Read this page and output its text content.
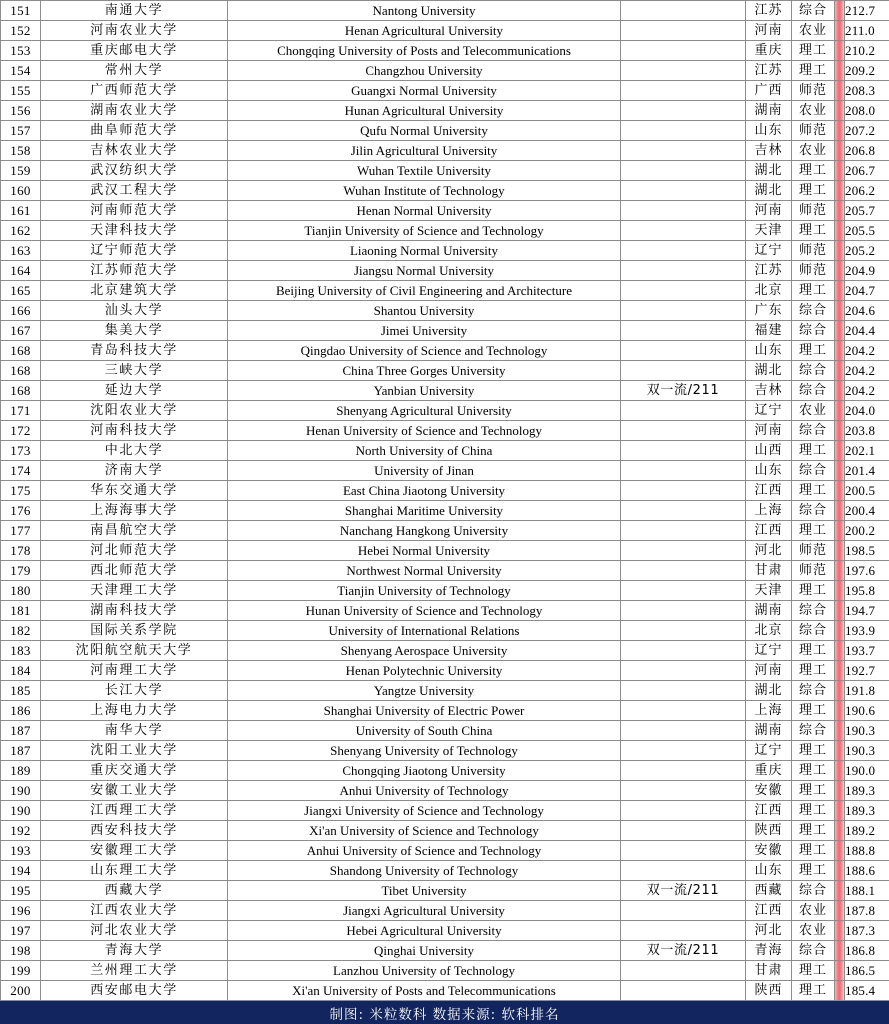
151	南通大学	Nantong University		江苏	综合		212.7
152	河南农业大学	Henan Agricultural University		河南	农业		211.0
153	重庆邮电大学	Chongqing University of Posts and Telecommunications		重庆	理工		210.2
154	常州大学	Changzhou University		江苏	理工		209.2
155	广西师范大学	Guangxi Normal University		广西	师范		208.3
156	湖南农业大学	Hunan Agricultural University		湖南	农业		208.0
157	曲阜师范大学	Qufu Normal University		山东	师范		207.2
158	吉林农业大学	Jilin Agricultural University		吉林	农业		206.8
159	武汉纺织大学	Wuhan Textile University		湖北	理工		206.7
160	武汉工程大学	Wuhan Institute of Technology		湖北	理工		206.2
161	河南师范大学	Henan Normal University		河南	师范		205.7
162	天津科技大学	Tianjin University of Science and Technology		天津	理工		205.5
163	辽宁师范大学	Liaoning Normal University		辽宁	师范		205.2
164	江苏师范大学	Jiangsu Normal University		江苏	师范		204.9
165	北京建筑大学	Beijing University of Civil Engineering and Architecture		北京	理工		204.7
166	汕头大学	Shantou University		广东	综合		204.6
167	集美大学	Jimei University		福建	综合		204.4
168	青岛科技大学	Qingdao University of Science and Technology		山东	理工		204.2
168	三峡大学	China Three Gorges University		湖北	综合		204.2
168	延边大学	Yanbian University	双一流/211	吉林	综合		204.2
171	沈阳农业大学	Shenyang Agricultural University		辽宁	农业		204.0
172	河南科技大学	Henan University of Science and Technology		河南	综合		203.8
173	中北大学	North University of China		山西	理工		202.1
174	济南大学	University of Jinan		山东	综合		201.4
175	华东交通大学	East China Jiaotong University		江西	理工		200.5
176	上海海事大学	Shanghai Maritime University		上海	综合		200.4
177	南昌航空大学	Nanchang Hangkong University		江西	理工		200.2
178	河北师范大学	Hebei Normal University		河北	师范		198.5
179	西北师范大学	Northwest Normal University		甘肃	师范		197.6
180	天津理工大学	Tianjin University of Technology		天津	理工		195.8
181	湖南科技大学	Hunan University of Science and Technology		湖南	综合		194.7
182	国际关系学院	University of International Relations		北京	综合		193.9
183	沈阳航空航天大学	Shenyang Aerospace University		辽宁	理工		193.7
184	河南理工大学	Henan Polytechnic University		河南	理工		192.7
185	长江大学	Yangtze University		湖北	综合		191.8
186	上海电力大学	Shanghai University of Electric Power		上海	理工		190.6
187	南华大学	University of South China		湖南	综合		190.3
187	沈阳工业大学	Shenyang University of Technology		辽宁	理工		190.3
189	重庆交通大学	Chongqing Jiaotong University		重庆	理工		190.0
190	安徽工业大学	Anhui University of Technology		安徽	理工		189.3
190	江西理工大学	Jiangxi University of Science and Technology		江西	理工		189.3
192	西安科技大学	Xi'an University of Science and Technology		陕西	理工		189.2
193	安徽理工大学	Anhui University of Science and Technology		安徽	理工		188.8
194	山东理工大学	Shandong University of Technology		山东	理工		188.6
195	西藏大学	Tibet University	双一流/211	西藏	综合		188.1
196	江西农业大学	Jiangxi Agricultural University		江西	农业		187.8
197	河北农业大学	Hebei Agricultural University		河北	农业		187.3
198	青海大学	Qinghai University	双一流/211	青海	综合		186.8
199	兰州理工大学	Lanzhou University of Technology		甘肃	理工		186.5
200	西安邮电大学	Xi'an University of Posts and Telecommunications		陕西	理工		185.4
制图: 米粒数科 数据来源: 软科排名
